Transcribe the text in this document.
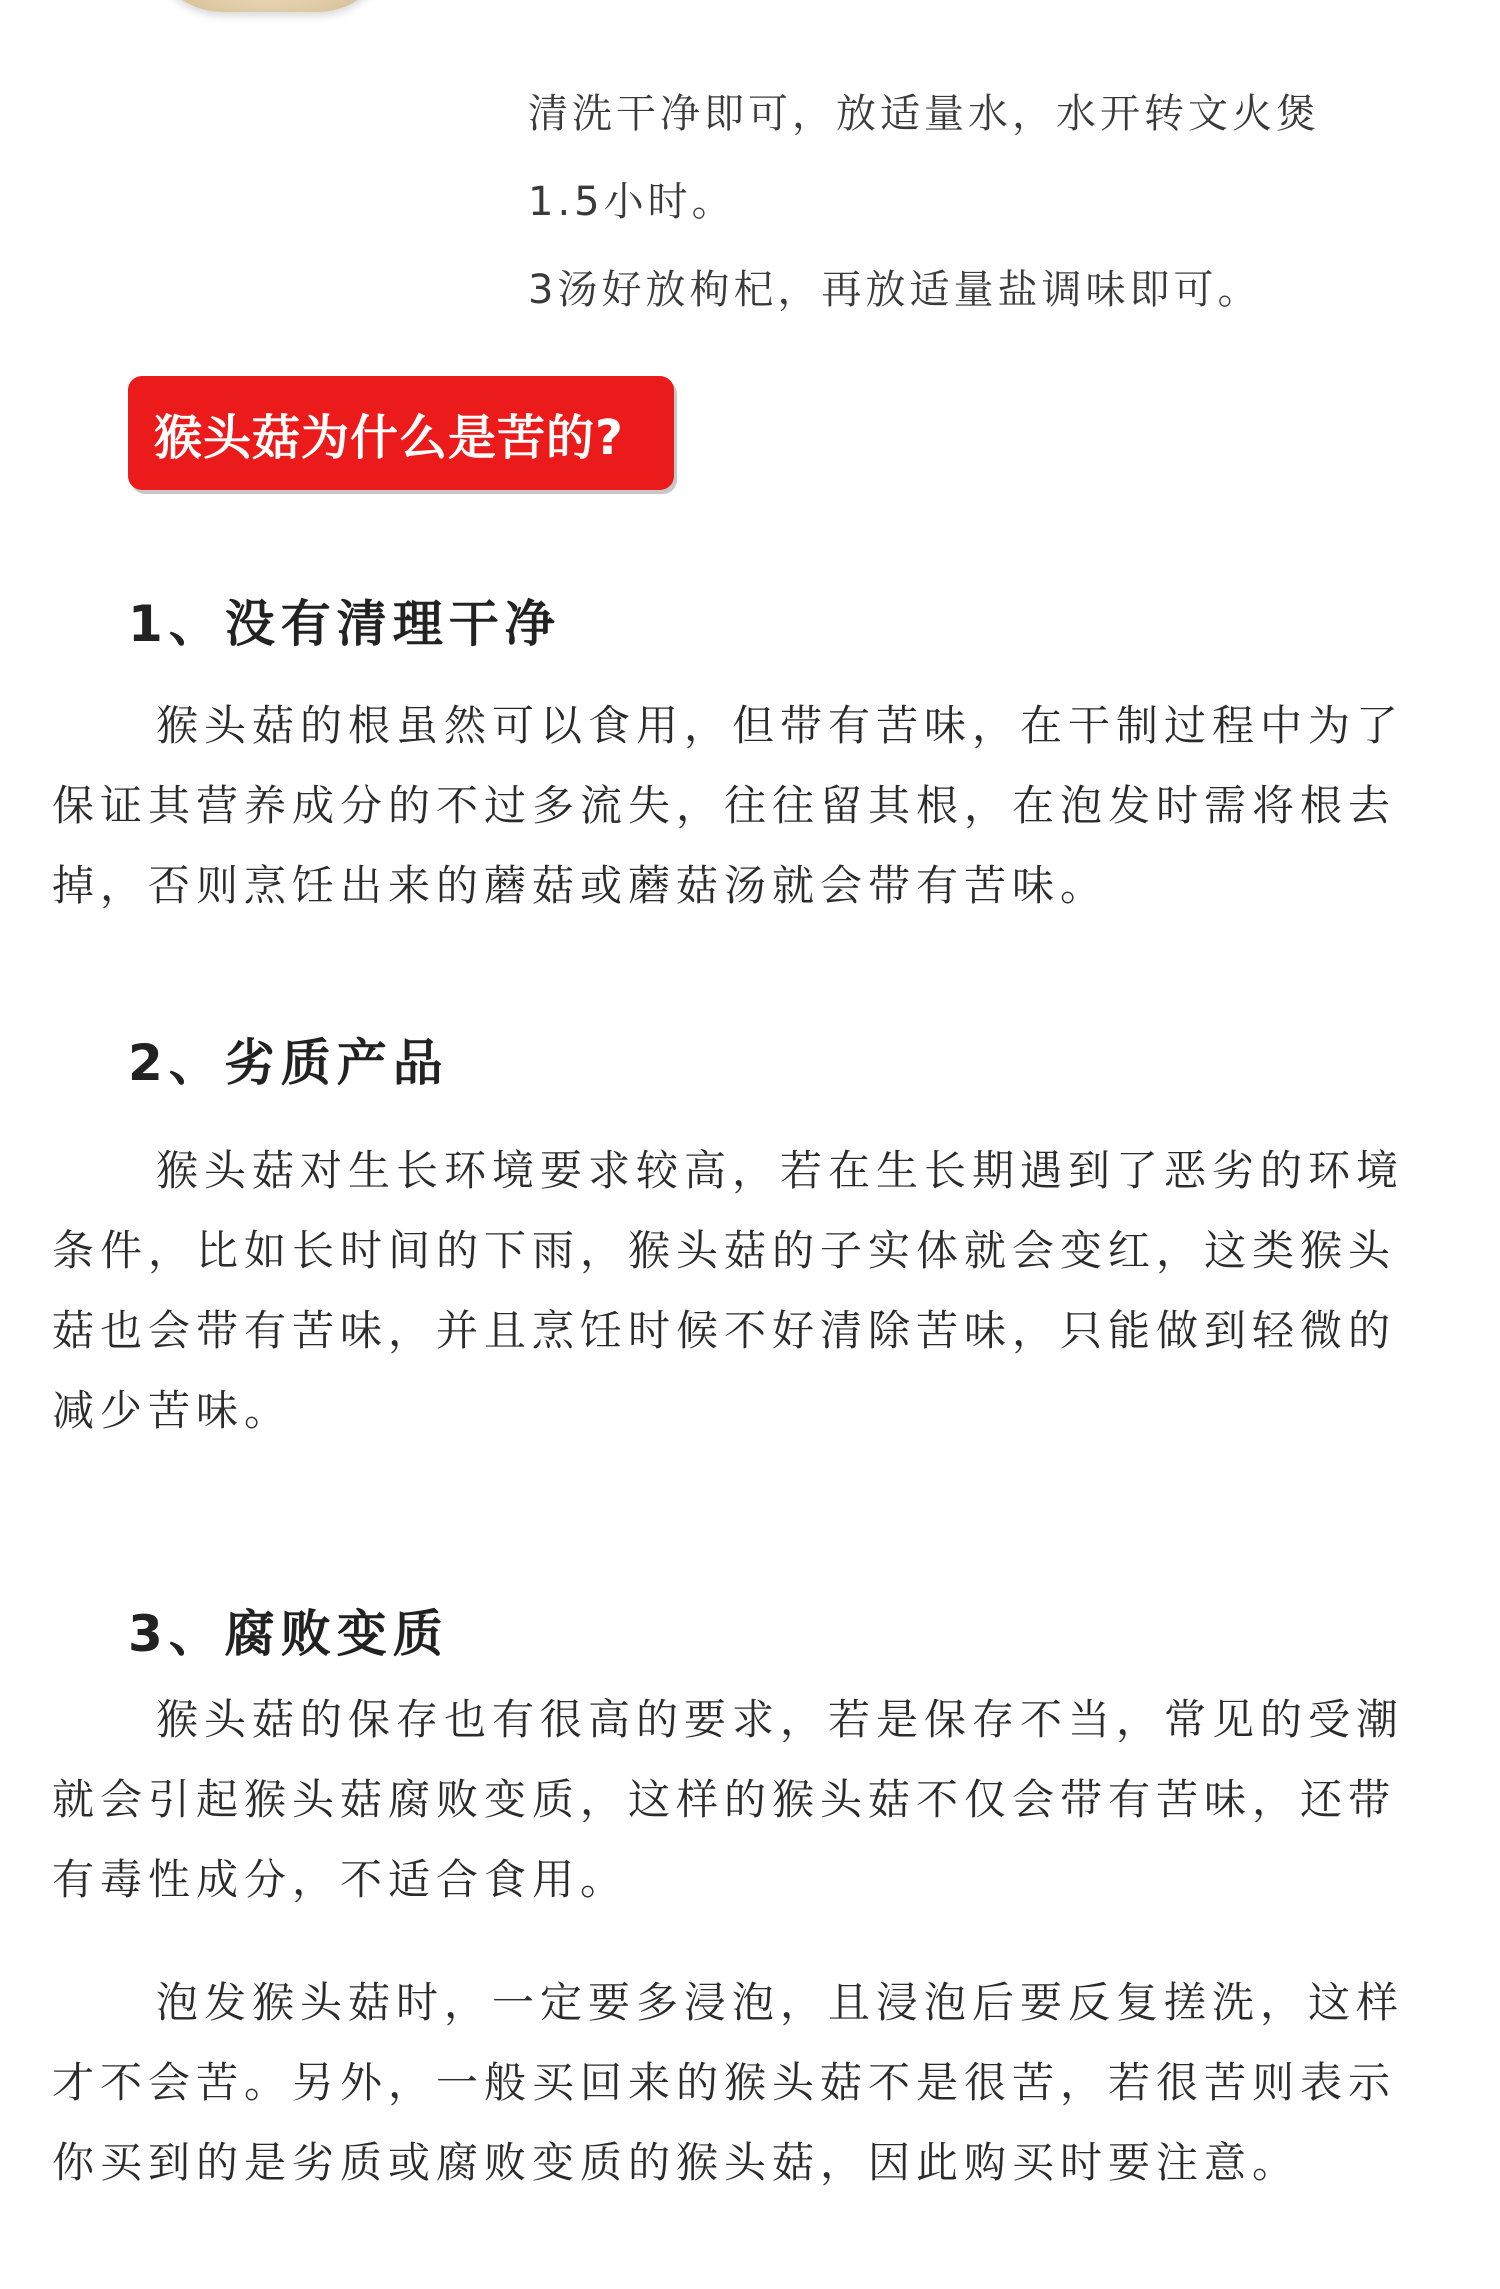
清洗干净即可，放适量水，水开转文火煲

1.5小时。

3汤好放枸杞，再放适量盐调味即可。

猴头菇为什么是苦的?
1、没有清理干净
猴头菇的根虽然可以食用，但带有苦味，在干制过程中为了
保证其营养成分的不过多流失，往往留其根，在泡发时需将根去
掉，否则烹饪出来的蘑菇或蘑菇汤就会带有苦味。
2、劣质产品
猴头菇对生长环境要求较高，若在生长期遇到了恶劣的环境
条件，比如长时间的下雨，猴头菇的子实体就会变红，这类猴头
菇也会带有苦味，并且烹饪时候不好清除苦味，只能做到轻微的
减少苦味。
3、腐败变质
猴头菇的保存也有很高的要求，若是保存不当，常见的受潮
就会引起猴头菇腐败变质，这样的猴头菇不仅会带有苦味，还带
有毒性成分，不适合食用。
泡发猴头菇时，一定要多浸泡，且浸泡后要反复搓洗，这样
才不会苦。另外，一般买回来的猴头菇不是很苦，若很苦则表示
你买到的是劣质或腐败变质的猴头菇，因此购买时要注意。
